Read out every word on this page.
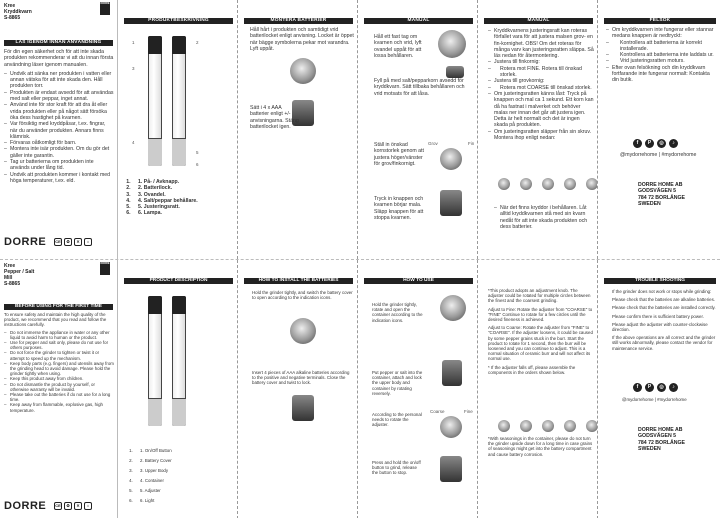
Kree
Kryddkvarn
S-8865
DORRE
LÄS IGENOM INNAN ANVÄNDNING

För din egen säkerhet och för att inte skada produkten rekommenderar vi att du innan första användning läser igenom manualen.

– Undvik att sänka ner produkten i vatten eller annan vätska för att inte skada den. Håll produkten torr.
– Produkten är endast avsedd för att användas med salt eller peppar, inget annat.
– Använd inte för stor kraft för att dra åt eller vrida produkten eller på något sätt försöka öka dess hastighet på kvarnen.
– Var försiktig med kryddpåsar, t.ex. fingrar, när du använder produkten. Annars finns klämrisk.
– Förvaras oåtkomligt för barn.
– Montera inte isär produkten. Om du gör det gäller inte garantin.
– Tag ur batterierna om produkten inte används under lång tid.
– Undvik att produkten kommer i kontakt med höga temperaturer, t.ex. eld.
DORRE	CE	♻	✕	⌂
PRODUKTBESKRIVNING
1
3
4
2
5
6
1. 1. På- / Avknapp.
2. 2. Batterilock.
3. 3. Ovandel.
4. 4. Salt/peppar behållare.
5. 5. Justeringsratt.
6. 6. Lampa.
MONTERA BATTERIER

Håll hårt i produkten och samtidigt vrid batterilocket enligt anvisning. Locket är öppet när bägge symbolerna pekar mot varandra. Lyft uppåt.

Sätt i 4 x AAA batterier enligt +/- anvisningarna. Stäng batterilocket igen.

MANUAL

Håll ett fast tag om kvarnen och vrid, lyft ovandel uppåt för att lossa behållaren.

Fyll på med salt/pepparkorn avsedd för kryddkvarn. Sätt tillbaka behållaren och vrid motsats för att låsa.

Ställ in önskad kornstorlek genom att justera höger/vänster för grov/finkornigt.

Grov	Fin

Tryck in knappen och kvarnen börjar mala. Släpp knappen för att stoppa kvarnen.

MANUAL
– Kryddkvarnens justeringsratt kan roteras förfallet vara för att justera malsen grov- en fin-kornighet. OBS! Om det roteras för många varv kan justeringsratten släppa. Så läs nedan för återmontering.
– Justera till finkornig:
– Rotera mot FINE. Rotera till önskad storlek.
– Justera till grovkornig:
– Rotera mot COARSE till önskad storlek.
– Om justeringsratten känns låst: Tryck på knappen och mal ca 1 sekund. Ett korn kan då ha fastnat i malverket och behöver malas ner innan det går att justera igen. Detta är helt normalt och det är ingen skada på produkten.
– Om justeringsratten släpper från sin skruv. Montera ihop enligt nedan:
– När det finns kryddor i behållaren. Låt alltid kryddkvarnen stå med sin kvarn nedåt för att inte skada produkten och dess batterier.
FELSÖK
– Om kryddkvarnen inte fungerar eller stannar medans knappen är nedtryckt:
– Kontrollera att batterierna är korrekt installerade.
– Kontrollera att batterierna inte laddats ur.
– Vrid justeringsratten moturs.
– Efter ovan felsökning och din kryddkvarn fortfarande inte fungerar normalt: Kontakta din butik.
f	P	◎	♪
@mydorrehome | #mydorrehome
DORRE HOME AB
GODSVÄGEN 5
784 72 BORLÄNGE
SWEDEN
Kree
Pepper / Salt
Mill
S-8865
DORRE
BEFORE USING FOR THE FIRST TIME

To ensure safety and maintain the high quality of the product, we recommend that you read and follow the instructions carefully.

– Do not immerse the appliance in water or any other liquid to avoid harm to human or the product.
– Use for pepper and salt only, please do not use for others purposes.
– Do not force the grinder to tighten or twist it or attempt to speed up the mechanism.
– Keep body parts (e.g. fingers) and utensils away from the grinding head to avoid damage. Please hold the grinder tightly when using.
– Keep this product away from children.
– Do not dismantle the product by yourself, or otherwise warranty will be invalid.
– Please take out the batteries if do not use for a long time.
– Keep away from flammable, explosive gas, high temperature.
PRODUCT DESCRIPTION
1. 1. On/Off Button
2. 2. Battery Cover
3. 3. Upper Body
4. 4. Container
5. 5. Adjuster
6. 6. Light
HOW TO INSTALL THE BATTERIES

Hold the grinder tightly, and switch the battery cover to open according to the indication icons.

Insert 4 pieces of AAA alkaline batteries according to the positive and negative terminals. Close the battery cover and twist to lock.

HOW TO USE

Hold the grinder tightly, rotate and open the container according to the indication icons.

Put pepper or salt into the container, attach and lock the upper body and container by rotating reversely.

According to the personal needs to rotate the adjuster.

Coarse	Fine

Press and hold the on/off button to grind, release the button to stop.

*This product adopts an adjustment knob. The adjuster could be rotated for multiple circles between the finest and the coarsest grinding.

Adjust to Fine: Rotate the adjuster from "COARSE" to "FINE" Continue to rotate for a few circles until the desired fineness is achieved.

Adjust to Coarse: Rotate the adjuster from "FINE" to "COARSE". If the adjuster loosens, it could be caused by some pepper grains stuck in the burr. Start the product to rotate for 1 second, then the burr will be loosened and you can continue to adjust. This is a normal situation of ceramic burr and will not affect its normal use.

* If the adjuster falls off, please assemble the components in the orders shown below.

*With seasonings in the container, please do not turn the grinder upside down for a long time in case grains of seasonings might get into the battery compartment and cause battery corrosion.

TROUBLE SHOOTING
If the grinder does not work or stops while grinding:
Please check that the batteries are alkaline batteries.
Please check that the batteries are installed correctly.
Please confirm there is sufficient battery power.
Please adjust the adjuster with counter-clockwise direction.
If the above operations are all correct and the grinder still works abnormally, please contact the vendor for maintenance service.
f	P	◎	♪
@mydorrehome | #mydorrehome
DORRE HOME AB
GODSVÄGEN 5
784 72 BORLÄNGE
SWEDEN
DORRE	CE	♻	✕	⌂
